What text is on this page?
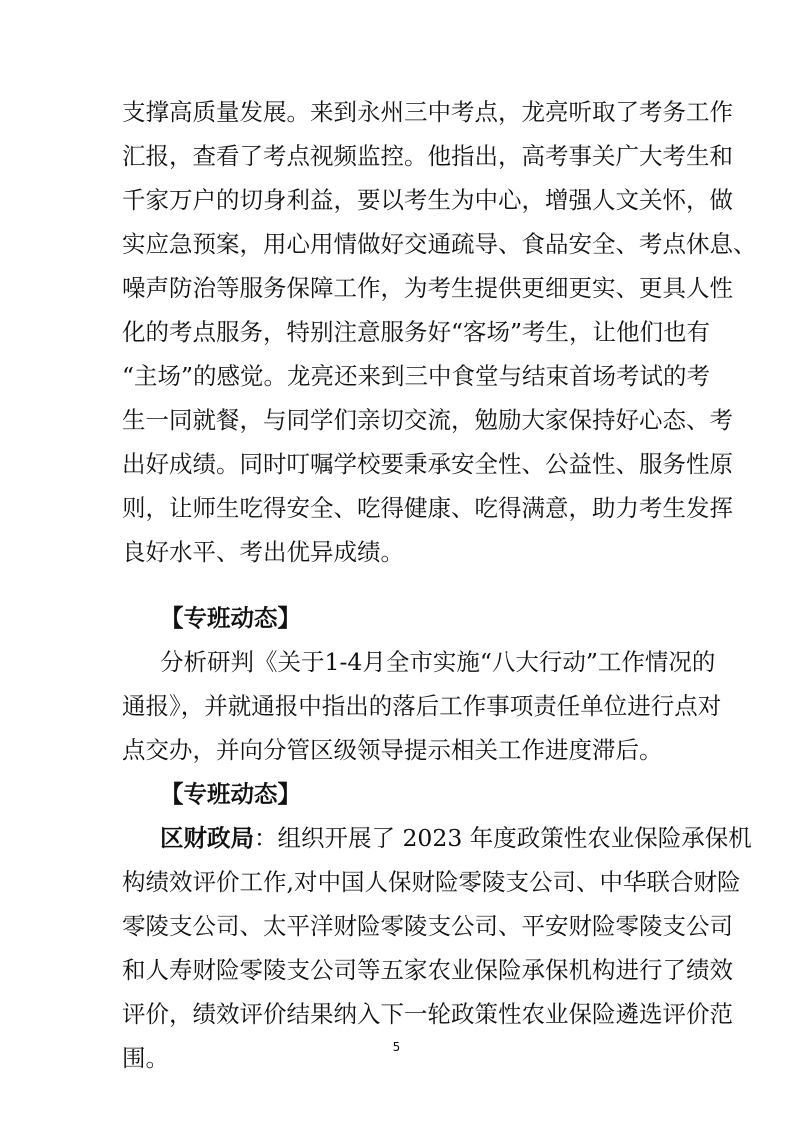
支撑高质量发展。来到永州三中考点，龙亮听取了考务工作
汇报，查看了考点视频监控。他指出，高考事关广大考生和
千家万户的切身利益，要以考生为中心，增强人文关怀，做
实应急预案，用心用情做好交通疏导、食品安全、考点休息、
噪声防治等服务保障工作，为考生提供更细更实、更具人性
化的考点服务，特别注意服务好“客场”考生，让他们也有
“主场”的感觉。龙亮还来到三中食堂与结束首场考试的考
生一同就餐，与同学们亲切交流，勉励大家保持好心态、考
出好成绩。同时叮嘱学校要秉承安全性、公益性、服务性原
则，让师生吃得安全、吃得健康、吃得满意，助力考生发挥
良好水平、考出优异成绩。
【专班动态】
分析研判《关于1-4月全市实施“八大行动”工作情况的
通报》，并就通报中指出的落后工作事项责任单位进行点对
点交办，并向分管区级领导提示相关工作进度滞后。
【专班动态】
区财政局：组织开展了 2023 年度政策性农业保险承保机
构绩效评价工作,对中国人保财险零陵支公司、中华联合财险
零陵支公司、太平洋财险零陵支公司、平安财险零陵支公司
和人寿财险零陵支公司等五家农业保险承保机构进行了绩效
评价，绩效评价结果纳入下一轮政策性农业保险遴选评价范
围。	5
